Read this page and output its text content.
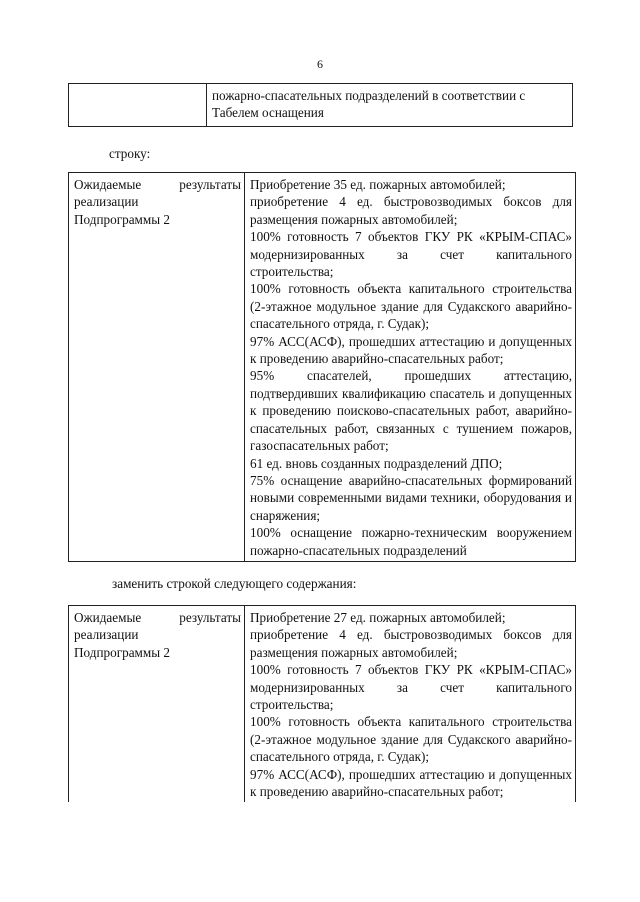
6

пожарно-спасательных подразделений в соответствии с

Табелем оснащения

строку:
Ожидаемые	результаты
реализации
Подпрограммы 2

Приобретение 35 ед. пожарных автомобилей;

приобретение 4 ед. быстровозводимых боксов для размещения пожарных автомобилей;

100% готовность 7 объектов ГКУ РК «КРЫМ-СПАС» модернизированных за счет капитального строительства;

100% готовность объекта капитального строительства (2-этажное модульное здание для Судакского аварийно-спасательного отряда, г. Судак);

97% АСС(АСФ), прошедших аттестацию и допущенных к проведению аварийно-спасательных работ;

95% спасателей, прошедших аттестацию, подтвердивших квалификацию спасатель и допущенных к проведению поисково-спасательных работ, аварийно-спасательных работ, связанных с тушением пожаров, газоспасательных работ;

61 ед. вновь созданных подразделений ДПО;

75% оснащение аварийно-спасательных формирований новыми современными видами техники, оборудования и снаряжения;

100% оснащение пожарно-техническим вооружением пожарно-спасательных подразделений

заменить строкой следующего содержания:
Ожидаемые	результаты
реализации
Подпрограммы 2

Приобретение 27 ед. пожарных автомобилей;

приобретение 4 ед. быстровозводимых боксов для размещения пожарных автомобилей;

100% готовность 7 объектов ГКУ РК «КРЫМ-СПАС» модернизированных за счет капитального строительства;

100% готовность объекта капитального строительства (2-этажное модульное здание для Судакского аварийно-спасательного отряда, г. Судак);

97% АСС(АСФ), прошедших аттестацию и допущенных к проведению аварийно-спасательных работ;
